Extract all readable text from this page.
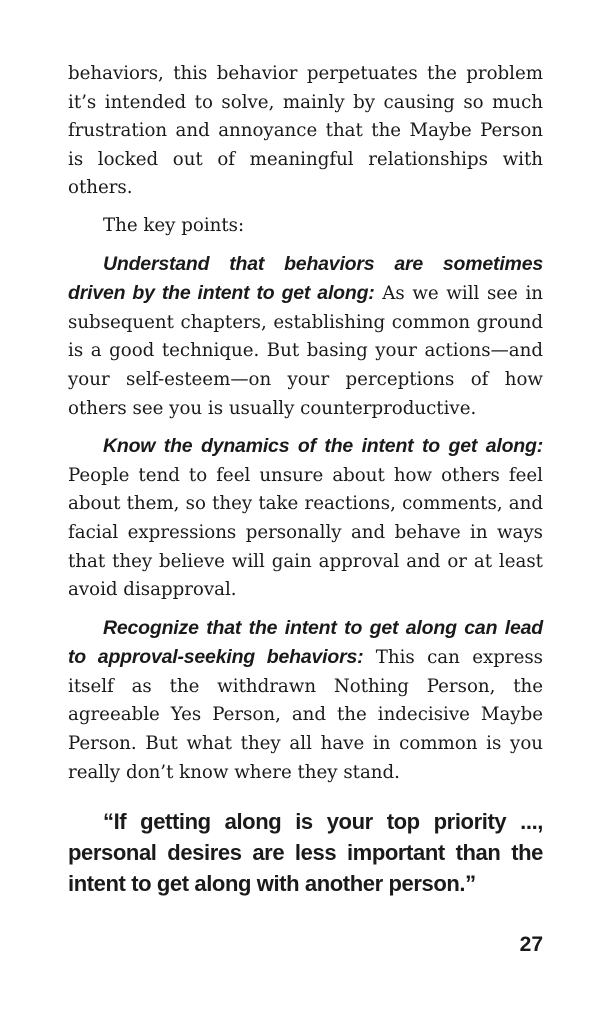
behaviors, this behavior perpetuates the problem it’s intended to solve, mainly by causing so much frustration and annoyance that the Maybe Person is locked out of meaningful relationships with others.

The key points:

Understand that behaviors are sometimes driven by the intent to get along: As we will see in subsequent chapters, establishing common ground is a good technique. But basing your actions—and your self-esteem—on your perceptions of how others see you is usually counterproductive.

Know the dynamics of the intent to get along: People tend to feel unsure about how others feel about them, so they take reactions, comments, and facial expressions personally and behave in ways that they believe will gain approval and or at least avoid disapproval.

Recognize that the intent to get along can lead to approval-seeking behaviors: This can express itself as the withdrawn Nothing Person, the agreeable Yes Person, and the indecisive Maybe Person. But what they all have in common is you really don’t know where they stand.

“If getting along is your top priority ..., personal desires are less important than the intent to get along with another person.”

27
